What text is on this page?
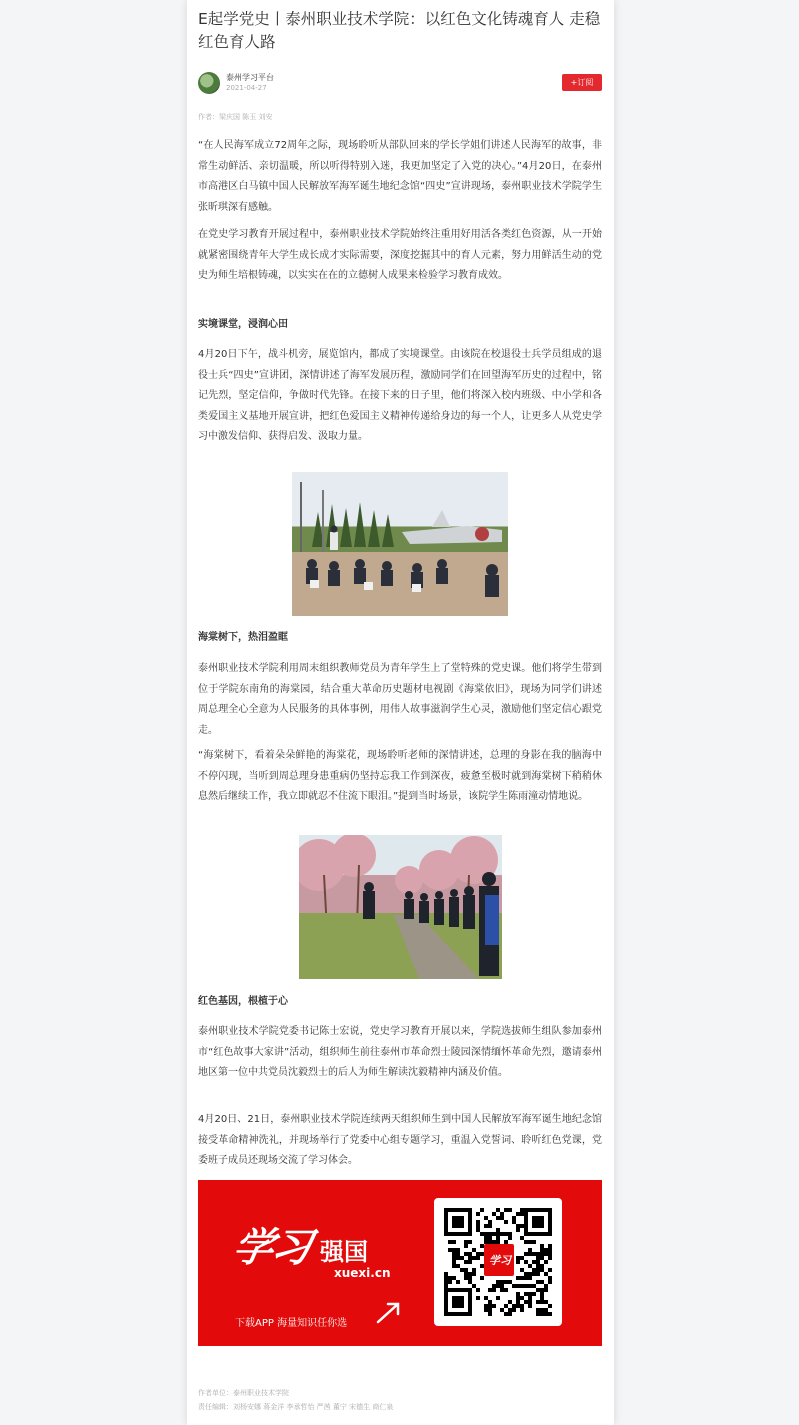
E起学党史丨泰州职业技术学院：以红色文化铸魂育人 走稳红色育人路
泰州学习平台
2021-04-27
+订阅
作者：梁庆国 陈玉 刘安

“在人民海军成立72周年之际，现场聆听从部队回来的学长学姐们讲述人民海军的故事，非常生动鲜活、亲切温暖，所以听得特别入迷，我更加坚定了入党的决心。”4月20日，在泰州市高港区白马镇中国人民解放军海军诞生地纪念馆“四史”宣讲现场，泰州职业技术学院学生张昕琪深有感触。

在党史学习教育开展过程中，泰州职业技术学院始终注重用好用活各类红色资源，从一开始就紧密围绕青年大学生成长成才实际需要，深度挖掘其中的育人元素，努力用鲜活生动的党史为师生培根铸魂，以实实在在的立德树人成果来检验学习教育成效。

实境课堂，浸润心田

4月20日下午，战斗机旁，展览馆内，都成了实境课堂。由该院在校退役士兵学员组成的退役士兵“四史”宣讲团，深情讲述了海军发展历程，激励同学们在回望海军历史的过程中，铭记先烈，坚定信仰，争做时代先锋。在接下来的日子里，他们将深入校内班级、中小学和各类爱国主义基地开展宣讲，把红色爱国主义精神传递给身边的每一个人，让更多人从党史学习中激发信仰、获得启发、汲取力量。

海棠树下，热泪盈眶

泰州职业技术学院利用周末组织教师党员为青年学生上了堂特殊的党史课。他们将学生带到位于学院东南角的海棠园，结合重大革命历史题材电视剧《海棠依旧》，现场为同学们讲述周总理全心全意为人民服务的具体事例，用伟人故事滋润学生心灵，激励他们坚定信心跟党走。

“海棠树下，看着朵朵鲜艳的海棠花，现场聆听老师的深情讲述，总理的身影在我的脑海中不停闪现，当听到周总理身患重病仍坚持忘我工作到深夜，疲惫至极时就到海棠树下稍稍休息然后继续工作，我立即就忍不住流下眼泪。”提到当时场景，该院学生陈雨潼动情地说。

红色基因，根植于心

泰州职业技术学院党委书记陈士宏说，党史学习教育开展以来，学院选拔师生组队参加泰州市“红色故事大家讲”活动，组织师生前往泰州市革命烈士陵园深情缅怀革命先烈，邀请泰州地区第一位中共党员沈毅烈士的后人为师生解读沈毅精神内涵及价值。

4月20日、21日，泰州职业技术学院连续两天组织师生到中国人民解放军海军诞生地纪念馆接受革命精神洗礼，并现场举行了党委中心组专题学习，重温入党誓词、聆听红色党课，党委班子成员还现场交流了学习体会。

学习 强国
xuexi.cn
下载APP 海量知识任你选
学习
作者单位：泰州职业技术学院
责任编辑：刘杨安娜 蒋金洋 李承哲怡 严茜 董宁 宋德生 商仁泉
